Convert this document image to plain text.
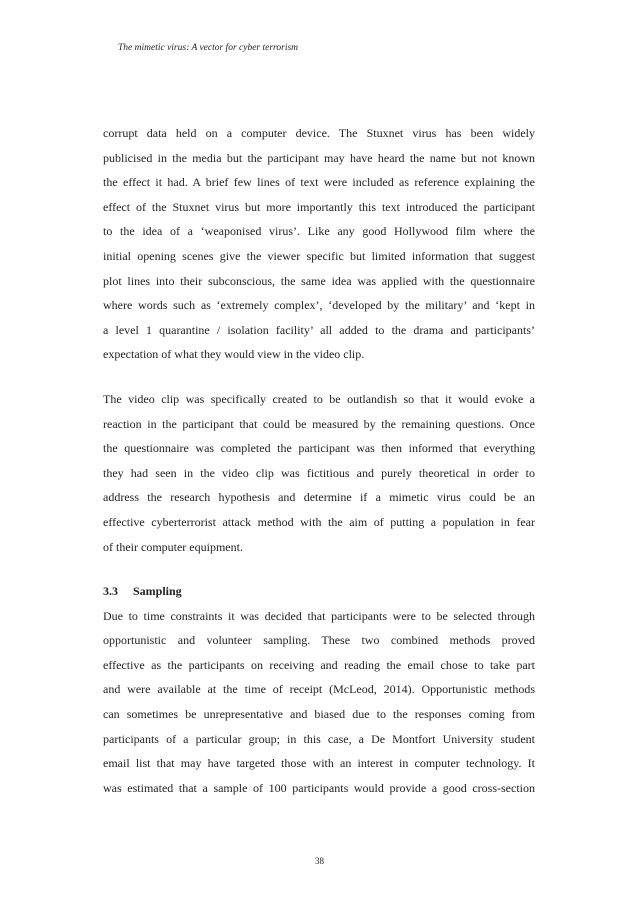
The mimetic virus: A vector for cyber terrorism
corrupt data held on a computer device. The Stuxnet virus has been widely
publicised in the media but the participant may have heard the name but not known
the effect it had. A brief few lines of text were included as reference explaining the
effect of the Stuxnet virus but more importantly this text introduced the participant
to the idea of a ‘weaponised virus’. Like any good Hollywood film where the
initial opening scenes give the viewer specific but limited information that suggest
plot lines into their subconscious, the same idea was applied with the questionnaire
where words such as ‘extremely complex’, ‘developed by the military’ and ‘kept in
a level 1 quarantine / isolation facility’ all added to the drama and participants’
expectation of what they would view in the video clip.
The video clip was specifically created to be outlandish so that it would evoke a
reaction in the participant that could be measured by the remaining questions. Once
the questionnaire was completed the participant was then informed that everything
they had seen in the video clip was fictitious and purely theoretical in order to
address the research hypothesis and determine if a mimetic virus could be an
effective cyberterrorist attack method with the aim of putting a population in fear
of their computer equipment.
3.3 Sampling
Due to time constraints it was decided that participants were to be selected through
opportunistic and volunteer sampling. These two combined methods proved
effective as the participants on receiving and reading the email chose to take part
and were available at the time of receipt (McLeod, 2014). Opportunistic methods
can sometimes be unrepresentative and biased due to the responses coming from
participants of a particular group; in this case, a De Montfort University student
email list that may have targeted those with an interest in computer technology. It
was estimated that a sample of 100 participants would provide a good cross-section
38
